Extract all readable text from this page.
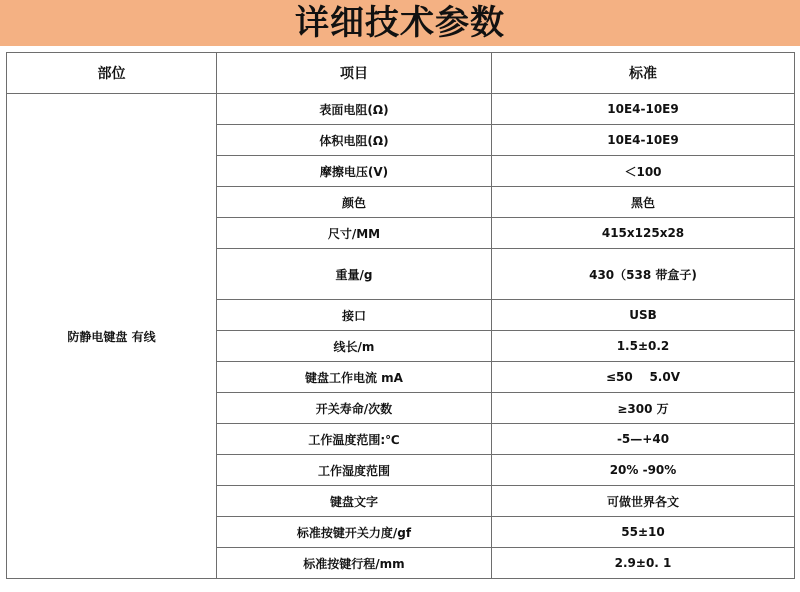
详细技术参数
部位	项目	标准
防静电键盘 有线	表面电阻(Ω)	10E4-10E9
	体积电阻(Ω)	10E4-10E9
	摩擦电压(V)	＜100
	颜色	黑色
	尺寸/MM	415x125x28
	重量/g	430（538 带盒子)
	接口	USB
	线长/m	1.5±0.2
	键盘工作电流 mA	≤50    5.0V
	开关寿命/次数	≥300 万
	工作温度范围:℃	-5—+40
	工作湿度范围	20% -90%
	键盘文字	可做世界各文
	标准按键开关力度/gf	55±10
	标准按键行程/mm	2.9±0. 1
